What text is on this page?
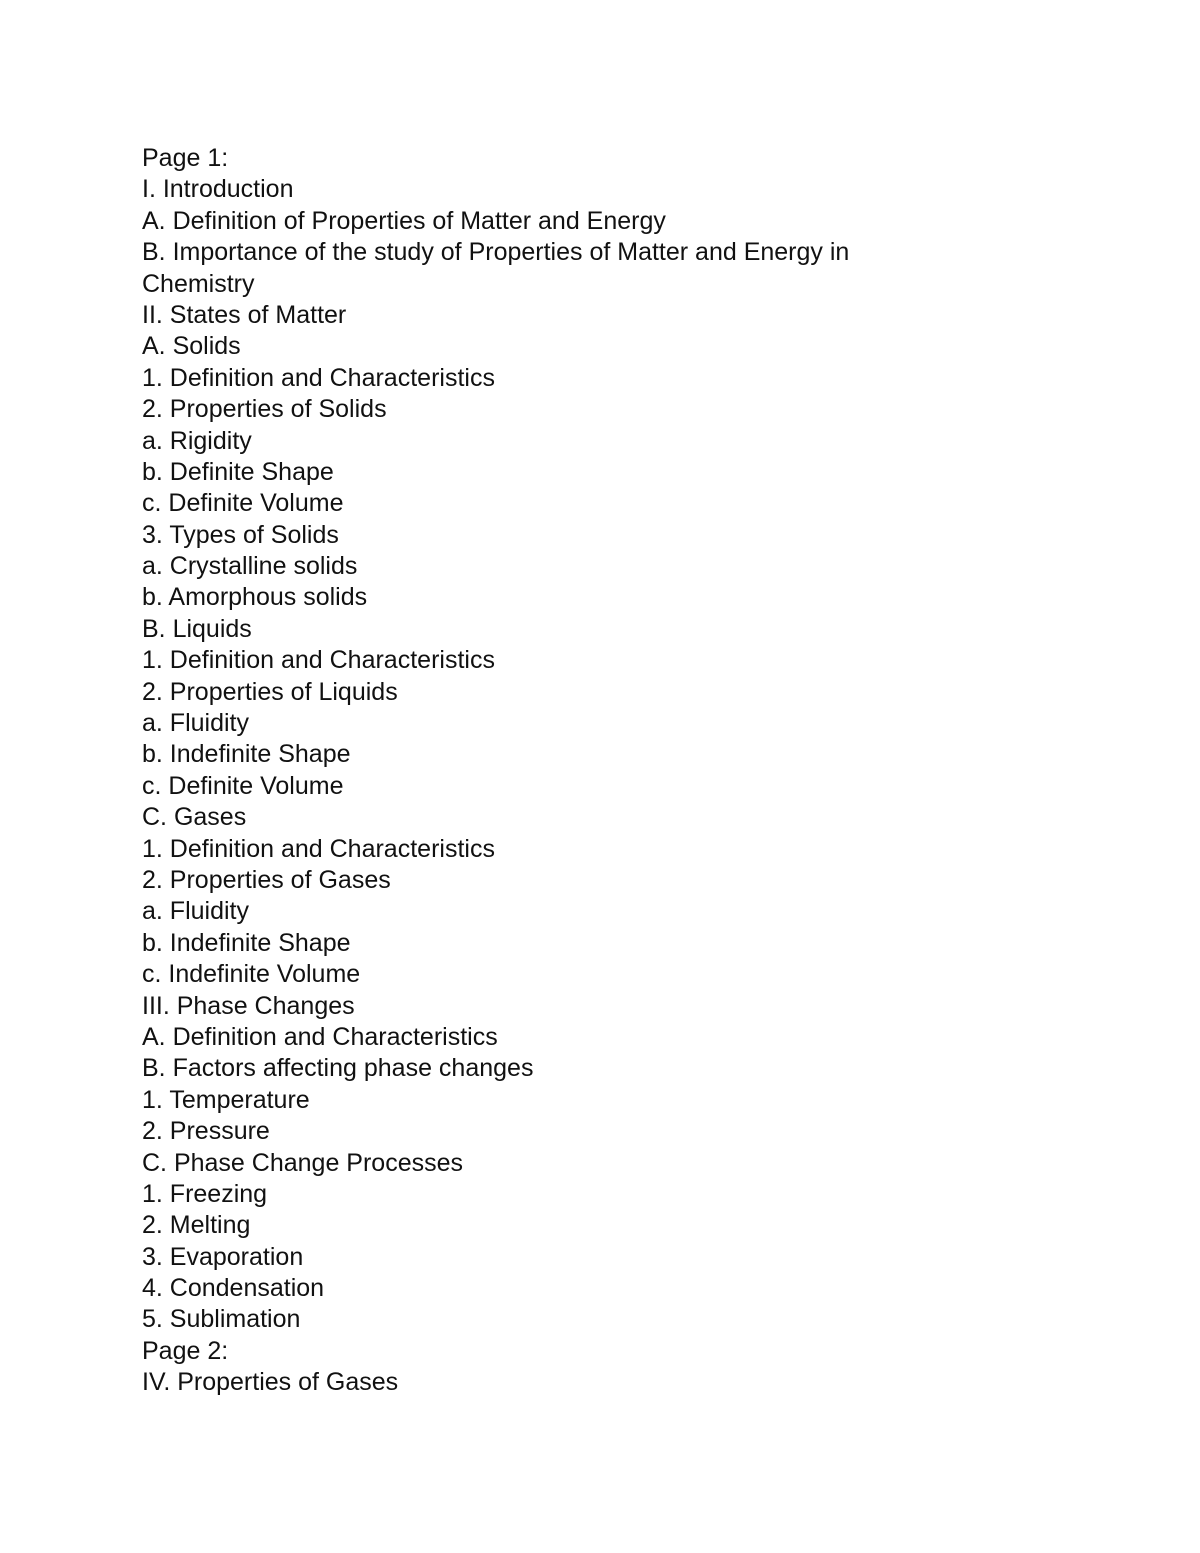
Page 1:
I. Introduction
A. Definition of Properties of Matter and Energy
B. Importance of the study of Properties of Matter and Energy in
Chemistry
II. States of Matter
A. Solids
1. Definition and Characteristics
2. Properties of Solids
a. Rigidity
b. Definite Shape
c. Definite Volume
3. Types of Solids
a. Crystalline solids
b. Amorphous solids
B. Liquids
1. Definition and Characteristics
2. Properties of Liquids
a. Fluidity
b. Indefinite Shape
c. Definite Volume
C. Gases
1. Definition and Characteristics
2. Properties of Gases
a. Fluidity
b. Indefinite Shape
c. Indefinite Volume
III. Phase Changes
A. Definition and Characteristics
B. Factors affecting phase changes
1. Temperature
2. Pressure
C. Phase Change Processes
1. Freezing
2. Melting
3. Evaporation
4. Condensation
5. Sublimation
Page 2:
IV. Properties of Gases
